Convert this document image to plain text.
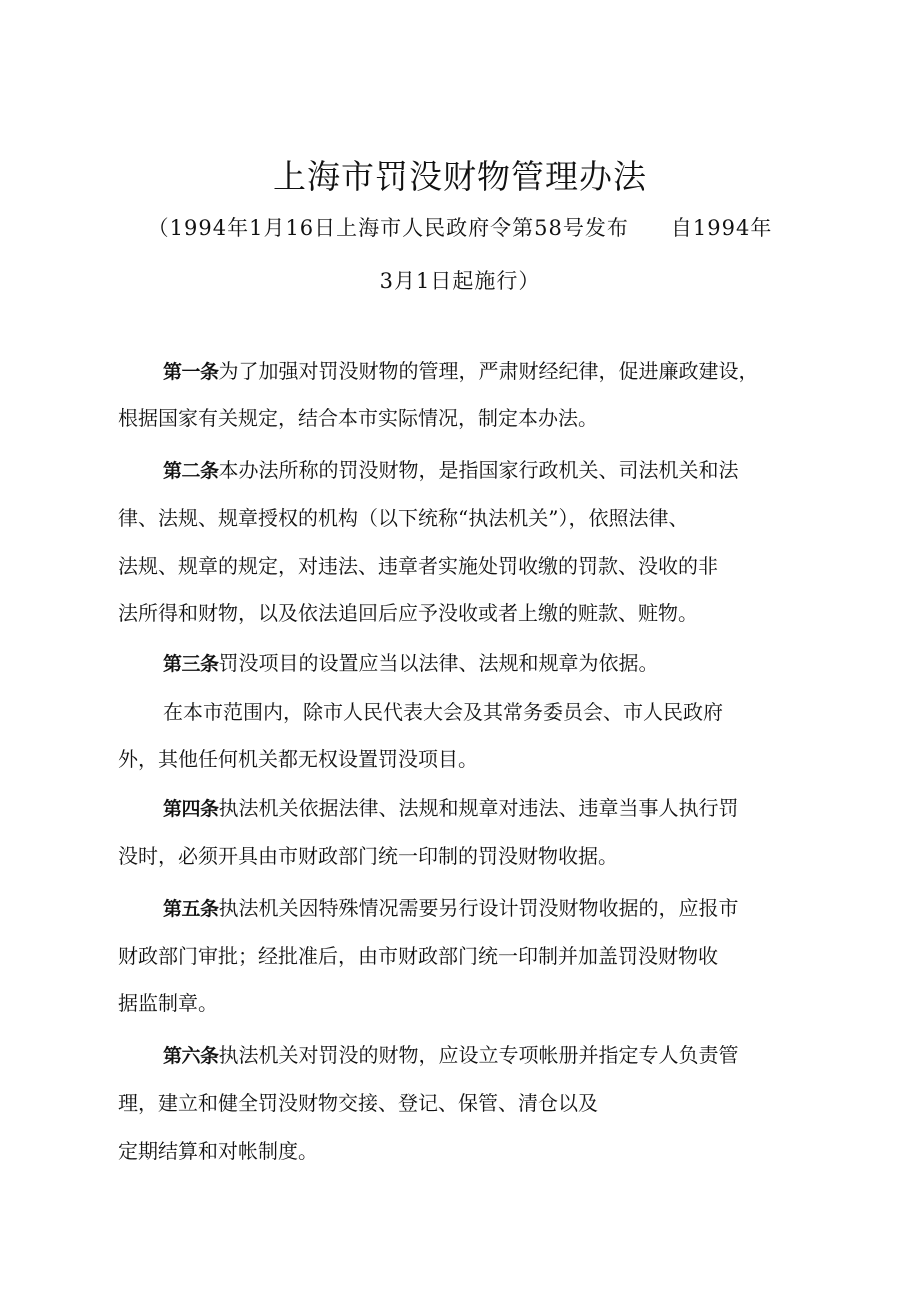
上海市罚没财物管理办法
（1994年1月16日上海市人民政府令第58号发布 自1994年
3月1日起施行）
第一条为了加强对罚没财物的管理，严肃财经纪律，促进廉政建设，
根据国家有关规定，结合本市实际情况，制定本办法。
第二条本办法所称的罚没财物，是指国家行政机关、司法机关和法
律、法规、规章授权的机构（以下统称“执法机关”），依照法律、
法规、规章的规定，对违法、违章者实施处罚收缴的罚款、没收的非
法所得和财物，以及依法追回后应予没收或者上缴的赃款、赃物。
第三条罚没项目的设置应当以法律、法规和规章为依据。
在本市范围内，除市人民代表大会及其常务委员会、市人民政府
外，其他任何机关都无权设置罚没项目。
第四条执法机关依据法律、法规和规章对违法、违章当事人执行罚
没时，必须开具由市财政部门统一印制的罚没财物收据。
第五条执法机关因特殊情况需要另行设计罚没财物收据的，应报市
财政部门审批；经批准后，由市财政部门统一印制并加盖罚没财物收
据监制章。
第六条执法机关对罚没的财物，应设立专项帐册并指定专人负责管
理，建立和健全罚没财物交接、登记、保管、清仓以及
定期结算和对帐制度。
